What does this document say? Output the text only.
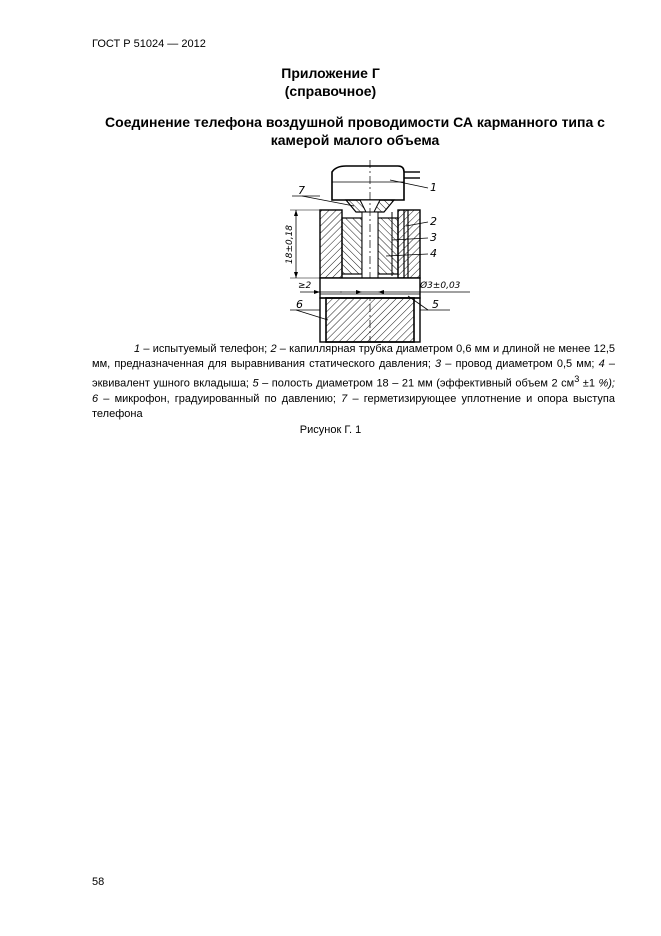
ГОСТ Р 51024 — 2012
Приложение Г
(справочное)
Соединение телефона воздушной проводимости СА карманного типа с камерой малого объема
18±0,18
≥2	Ø3±0,03
1
2
3
4
5
6
7
1 – испытуемый телефон; 2 – капиллярная трубка диаметром 0,6 мм и длиной не менее 12,5 мм, предназначенная для выравнивания статического давления; 3 – провод диаметром 0,5 мм; 4 – эквивалент ушного вкладыша; 5 – полость диаметром 18 – 21 мм (эффективный объем 2 $см^3 \pm 1$ %); 6 – микрофон, градуированный по давлению; 7 – герметизирующее уплотнение и опора выступа телефона
Рисунок Г. 1
58
